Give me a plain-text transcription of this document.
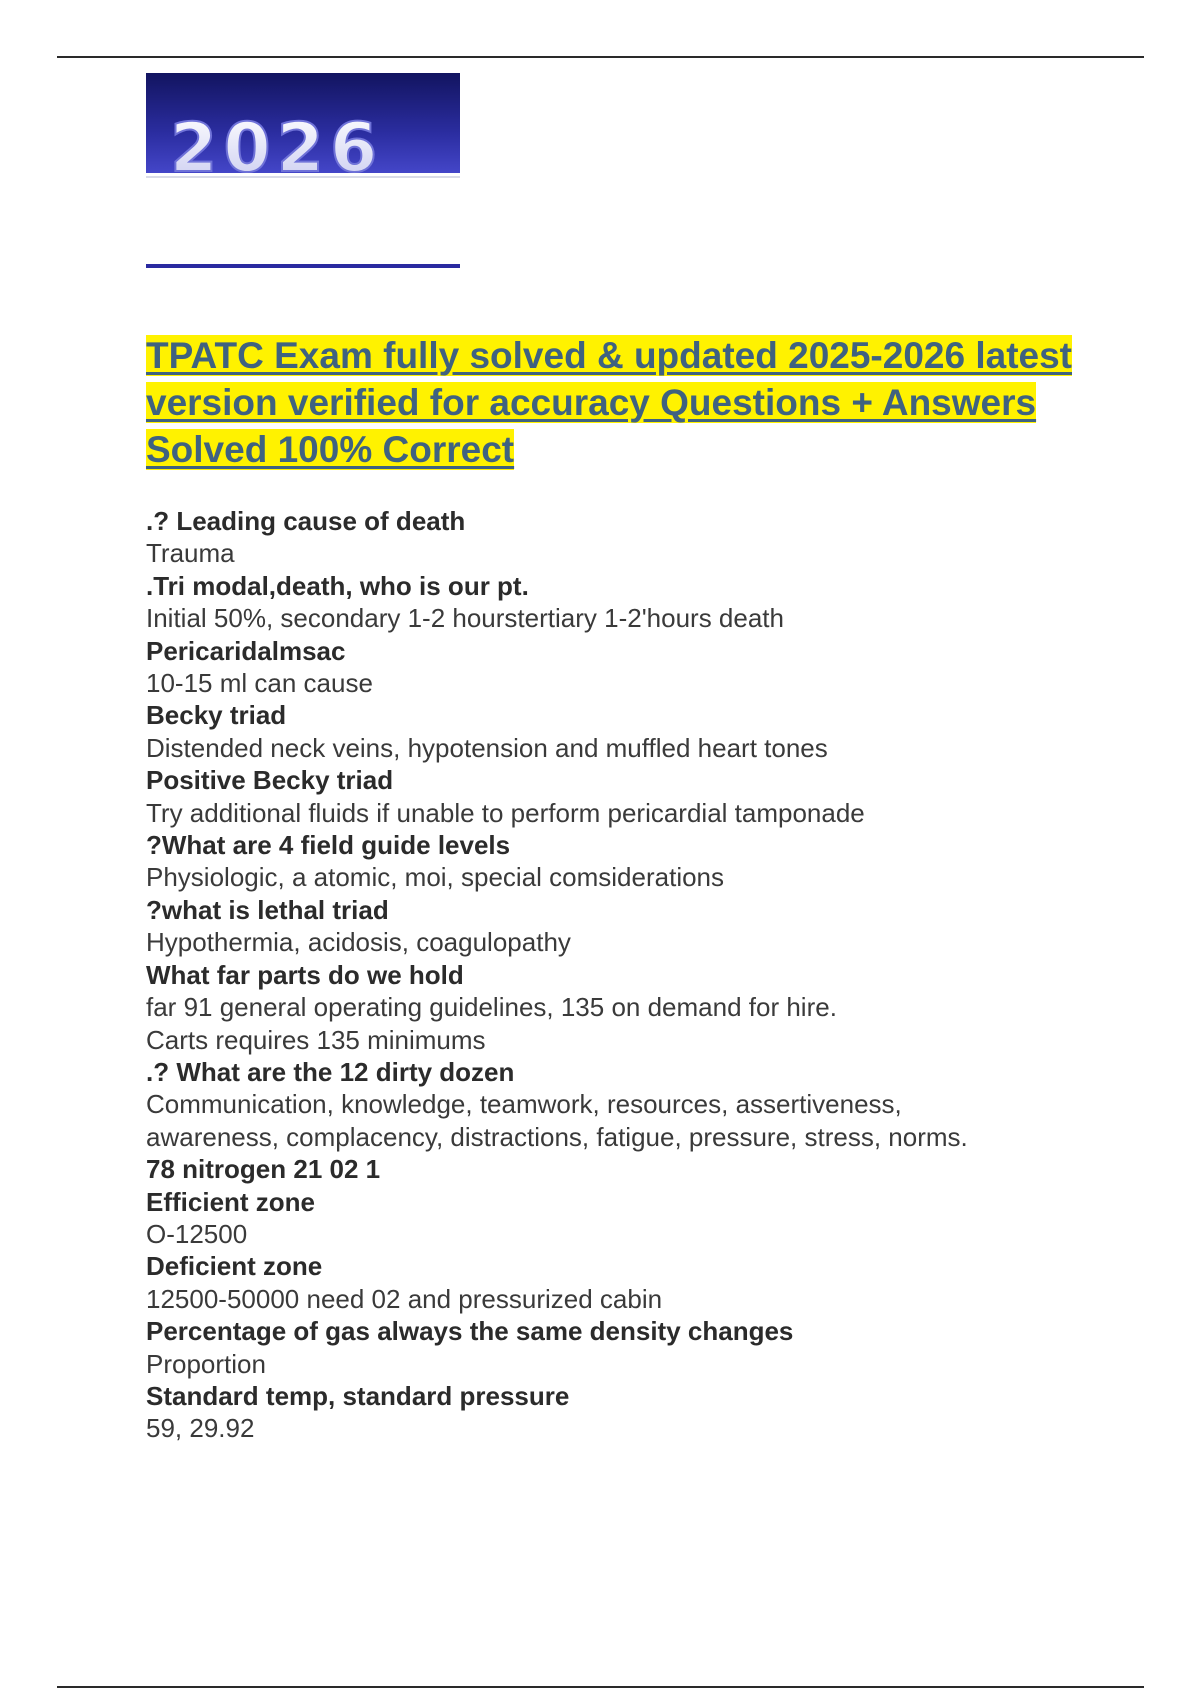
2026
TPATC Exam fully solved & updated 2025-2026 latest version verified for accuracy Questions + Answers Solved 100% Correct
.? Leading cause of death
Trauma
.Tri modal,death, who is our pt.
Initial 50%, secondary 1-2 hourstertiary 1-2'hours death
Pericaridalmsac
10-15 ml can cause
Becky triad
Distended neck veins, hypotension and muffled heart tones
Positive Becky triad
Try additional fluids if unable to perform pericardial tamponade
?What are 4 field guide levels
Physiologic, a atomic, moi, special comsiderations
?what is lethal triad
Hypothermia, acidosis, coagulopathy
What far parts do we hold
far 91 general operating guidelines, 135 on demand for hire.
Carts requires 135 minimums
.? What are the 12 dirty dozen
Communication, knowledge, teamwork, resources, assertiveness,
awareness, complacency, distractions, fatigue, pressure, stress, norms.
78 nitrogen 21 02 1
Efficient zone
O-12500
Deficient zone
12500-50000 need 02 and pressurized cabin
Percentage of gas always the same density changes
Proportion
Standard temp, standard pressure
59, 29.92
